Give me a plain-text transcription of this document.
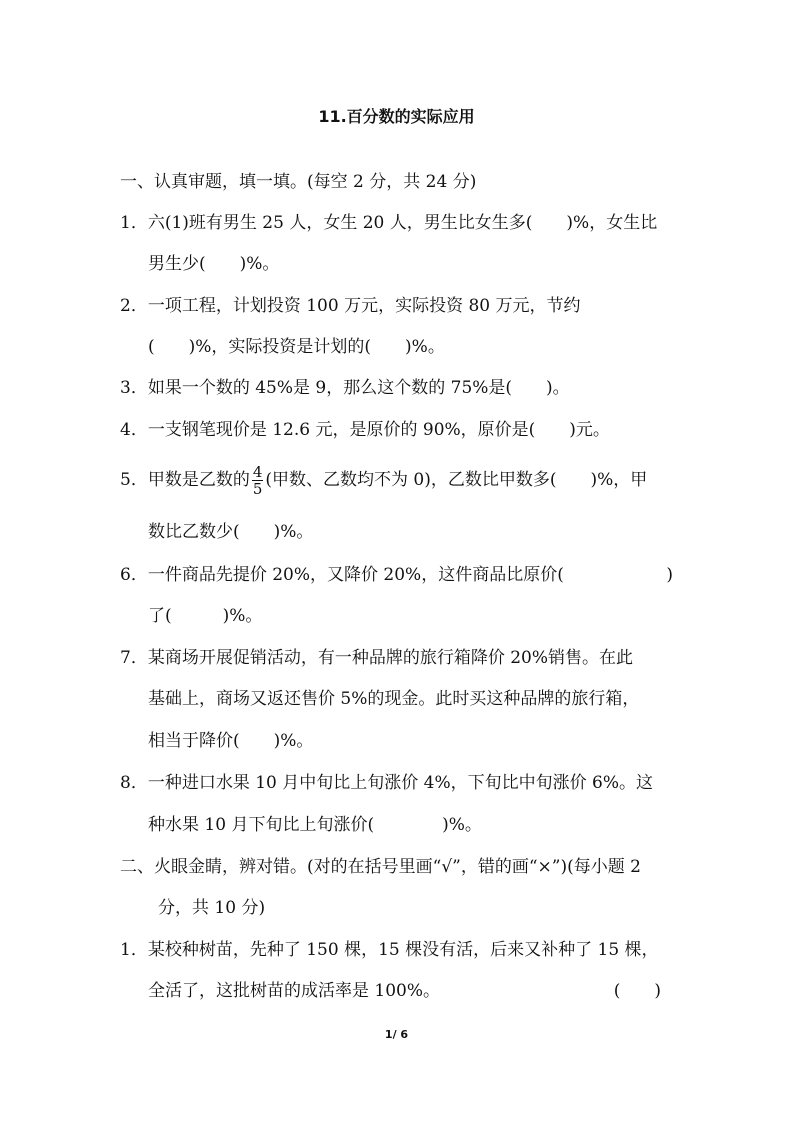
11.百分数的实际应用
一、认真审题，填一填。(每空 2 分，共 24 分)
1．六(1)班有男生 25 人，女生 20 人，男生比女生多(　　)%，女生比
男生少(　　)%。
2．一项工程，计划投资 100 万元，实际投资 80 万元，节约
(　　)%，实际投资是计划的(　　)%。
3．如果一个数的 45%是 9，那么这个数的 75%是(　　)。
4．一支钢笔现价是 12.6 元，是原价的 90%，原价是(　　)元。
5．甲数是乙数的 $\frac{4}{5}$ (甲数、乙数均不为 0)，乙数比甲数多(　　)%，甲
数比乙数少(　　)%。
6．一件商品先提价 20%，又降价 20%，这件商品比原价(	)
了(　　　)%。
7．某商场开展促销活动，有一种品牌的旅行箱降价 20%销售。在此
基础上，商场又返还售价 5%的现金。此时买这种品牌的旅行箱，
相当于降价(　　)%。
8．一种进口水果 10 月中旬比上旬涨价 4%，下旬比中旬涨价 6%。这
种水果 10 月下旬比上旬涨价(　　　　)%。
二、火眼金睛，辨对错。(对的在括号里画“√”，错的画“×”)(每小题 2
分，共 10 分)
1．某校种树苗，先种了 150 棵，15 棵没有活，后来又补种了 15 棵，
全活了，这批树苗的成活率是 100%。	(　　)
1/ 6
